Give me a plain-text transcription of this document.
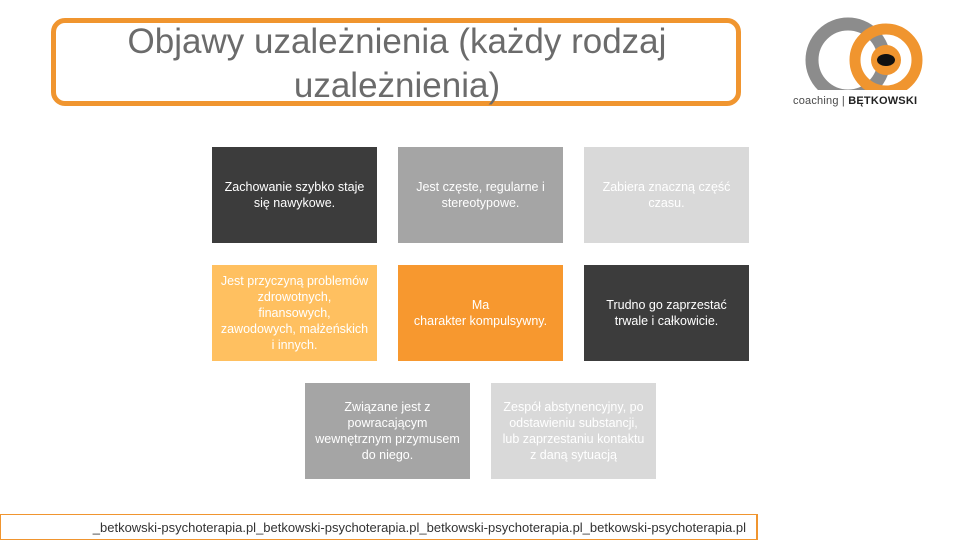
Objawy uzależnienia (każdy rodzaj
uzależnienia)	coaching | BĘTKOWSKI
Zachowanie szybko staje
się nawykowe.
Jest częste, regularne i
stereotypowe.
Zabiera znaczną część
czasu.
Jest przyczyną problemów
zdrowotnych,
finansowych,
zawodowych, małżeńskich
i innych.
Ma
charakter kompulsywny.
Trudno go zaprzestać
trwale i całkowicie.
Związane jest z
powracającym
wewnętrznym przymusem
do niego.
Zespół abstynencyjny, po
odstawieniu substancji,
lub zaprzestaniu kontaktu
z daną sytuacją
_betkowski-psychoterapia.pl_betkowski-psychoterapia.pl_betkowski-psychoterapia.pl_betkowski-psychoterapia.pl
